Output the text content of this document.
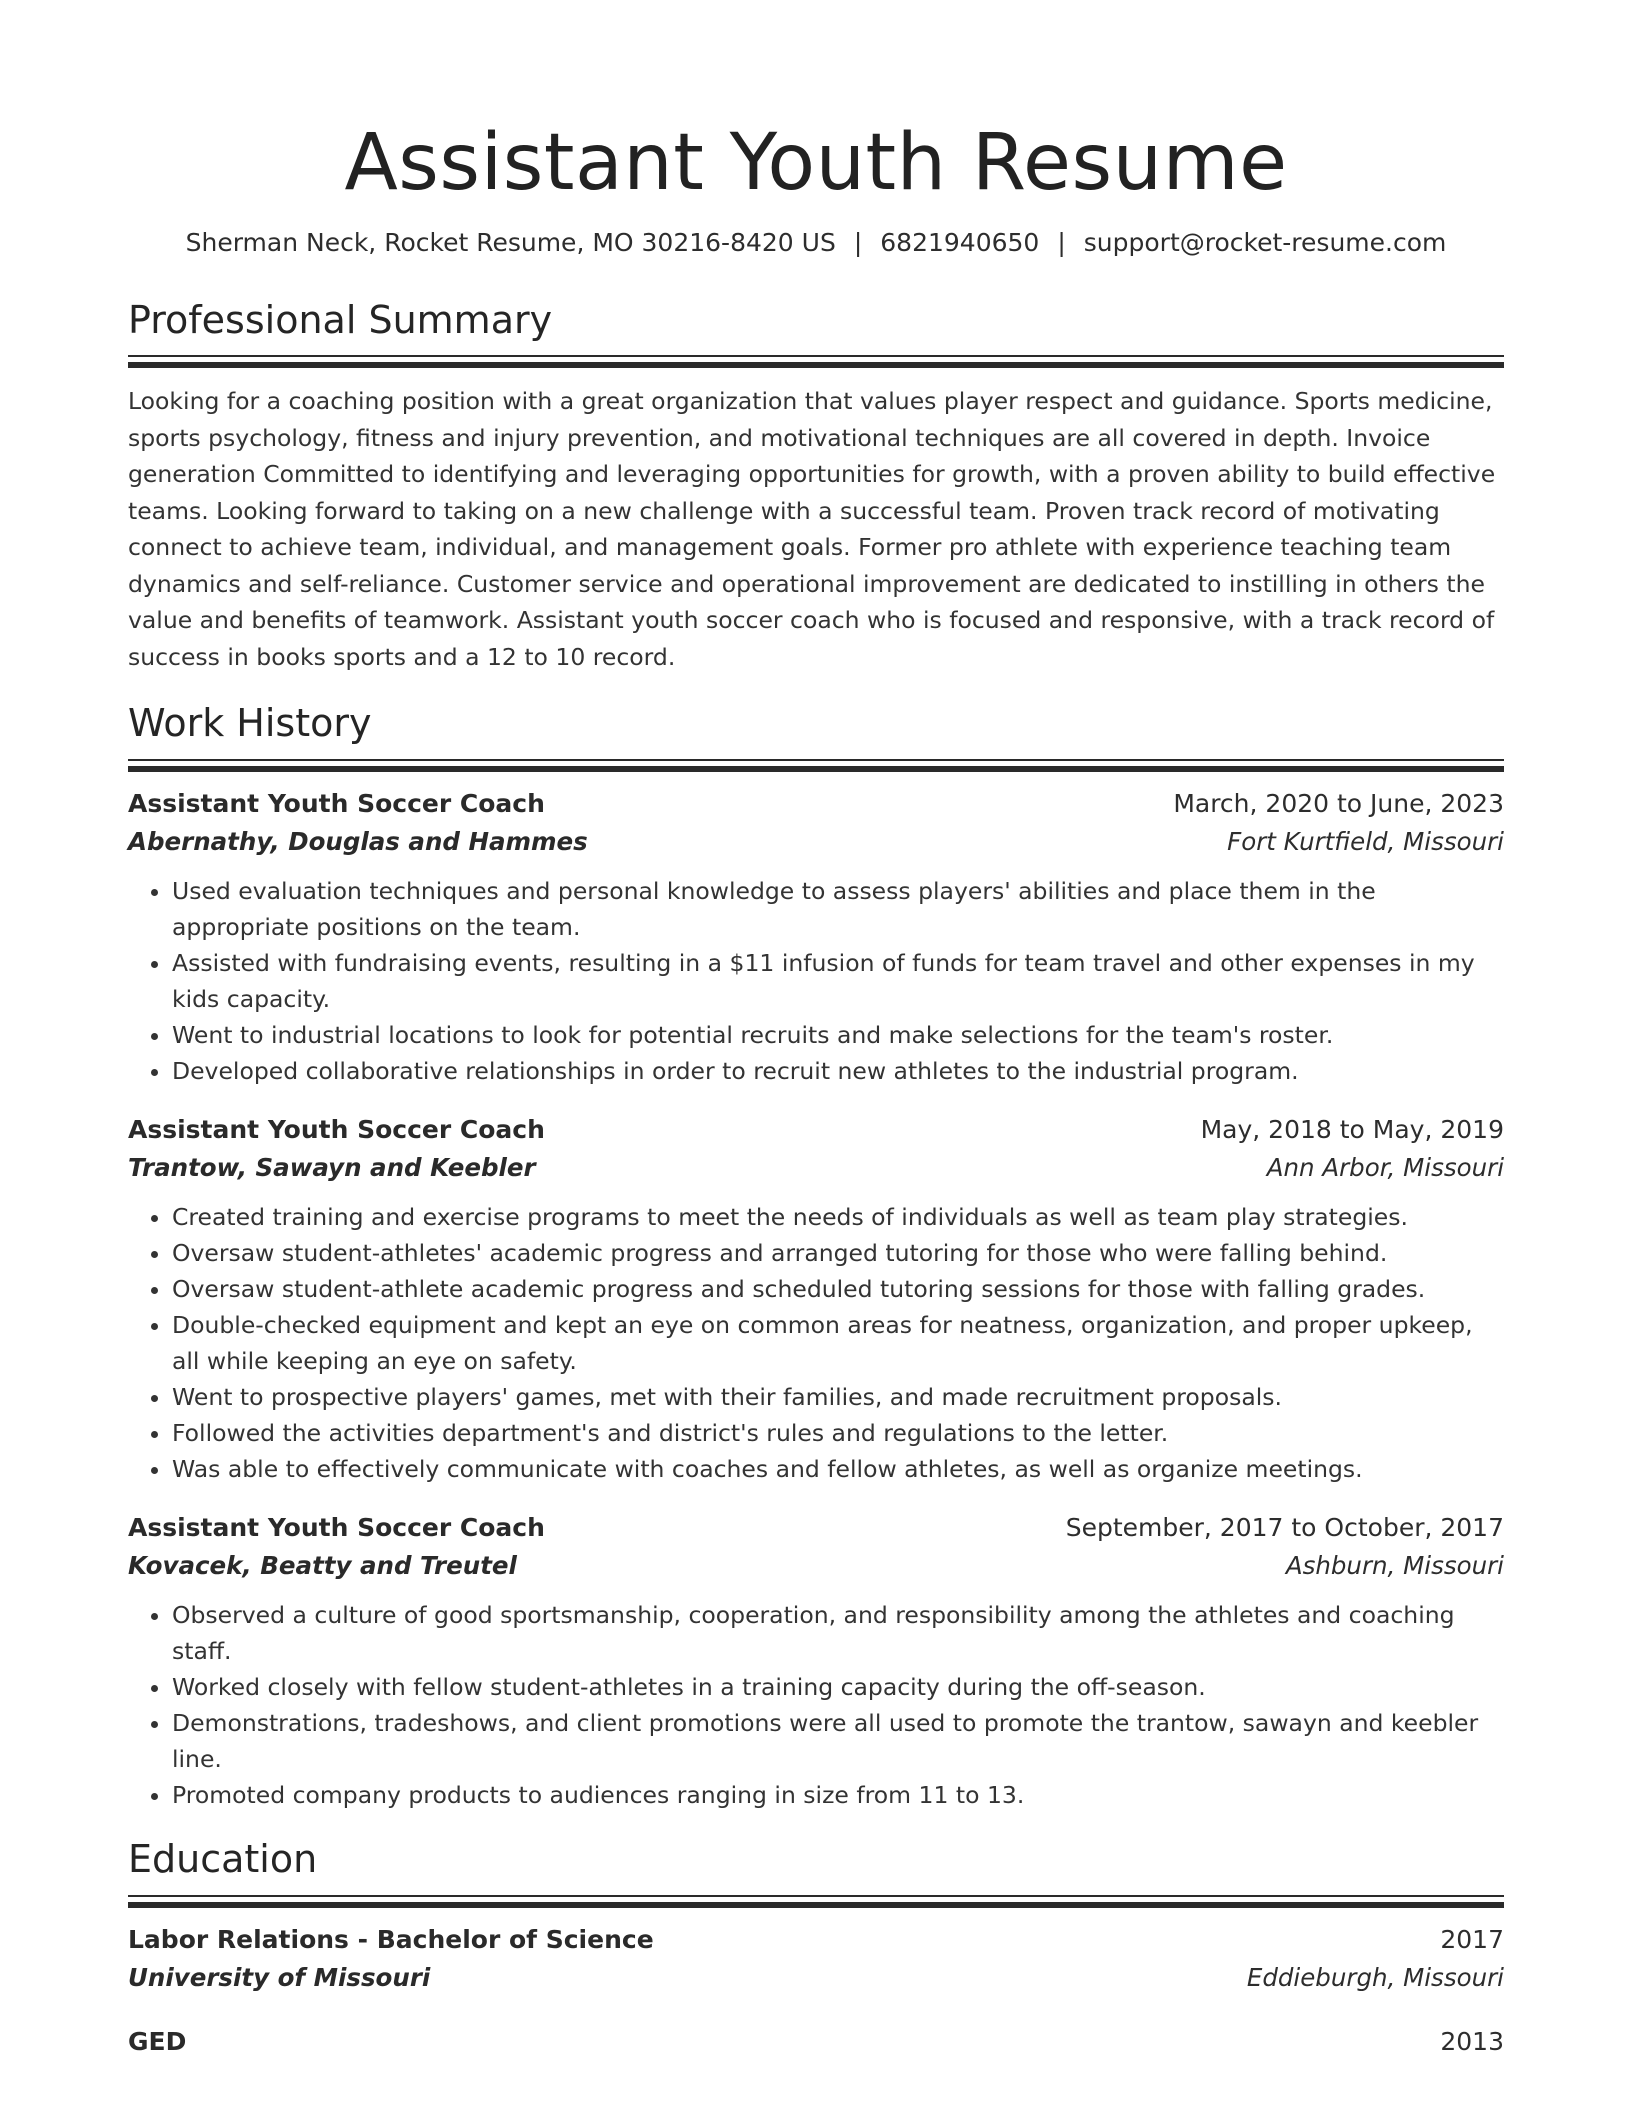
Assistant Youth Resume
Sherman Neck, Rocket Resume, MO 30216-8420 US | 6821940650 | support@rocket-resume.com
Professional Summary
Looking for a coaching position with a great organization that values player respect and guidance. Sports medicine, sports psychology, fitness and injury prevention, and motivational techniques are all covered in depth. Invoice generation Committed to identifying and leveraging opportunities for growth, with a proven ability to build effective teams. Looking forward to taking on a new challenge with a successful team. Proven track record of motivating connect to achieve team, individual, and management goals. Former pro athlete with experience teaching team dynamics and self-reliance. Customer service and operational improvement are dedicated to instilling in others the value and benefits of teamwork. Assistant youth soccer coach who is focused and responsive, with a track record of success in books sports and a 12 to 10 record.
Work History
Assistant Youth Soccer Coach	March, 2020 to June, 2023
Abernathy, Douglas and Hammes	Fort Kurtfield, Missouri
• Used evaluation techniques and personal knowledge to assess players' abilities and place them in the appropriate positions on the team.
• Assisted with fundraising events, resulting in a $11 infusion of funds for team travel and other expenses in my kids capacity.
• Went to industrial locations to look for potential recruits and make selections for the team's roster.
• Developed collaborative relationships in order to recruit new athletes to the industrial program.
Assistant Youth Soccer Coach	May, 2018 to May, 2019
Trantow, Sawayn and Keebler	Ann Arbor, Missouri
• Created training and exercise programs to meet the needs of individuals as well as team play strategies.
• Oversaw student-athletes' academic progress and arranged tutoring for those who were falling behind.
• Oversaw student-athlete academic progress and scheduled tutoring sessions for those with falling grades.
• Double-checked equipment and kept an eye on common areas for neatness, organization, and proper upkeep, all while keeping an eye on safety.
• Went to prospective players' games, met with their families, and made recruitment proposals.
• Followed the activities department's and district's rules and regulations to the letter.
• Was able to effectively communicate with coaches and fellow athletes, as well as organize meetings.
Assistant Youth Soccer Coach	September, 2017 to October, 2017
Kovacek, Beatty and Treutel	Ashburn, Missouri
• Observed a culture of good sportsmanship, cooperation, and responsibility among the athletes and coaching staff.
• Worked closely with fellow student-athletes in a training capacity during the off-season.
• Demonstrations, tradeshows, and client promotions were all used to promote the trantow, sawayn and keebler line.
• Promoted company products to audiences ranging in size from 11 to 13.
Education
Labor Relations - Bachelor of Science	2017
University of Missouri	Eddieburgh, Missouri
GED	2013
